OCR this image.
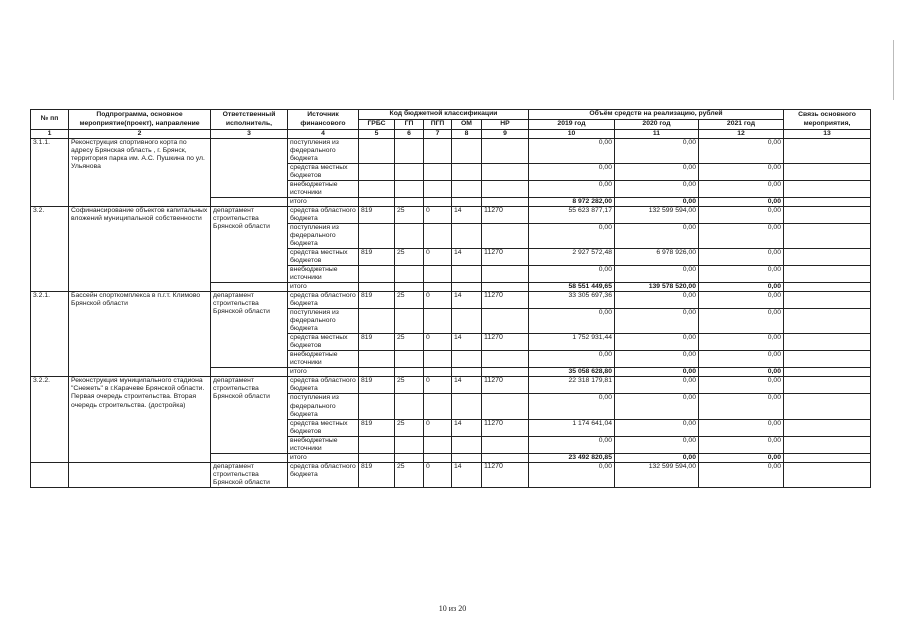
№ пп	Подпрограмма, основное мероприятие(проект), направление	Ответственный исполнитель,	Источник финансового	Код бюджетной классификации					Объём средств на реализацию, рублей			Связь основного мероприятия,
				ГРБС	ГП	ПГП	ОМ	НР	2019 год	2020 год	2021 год	
1	2	3	4	5	6	7	8	9	10	11	12	13
3.1.1.	Реконструкция спортивного корта по адресу Брянская область , г. Брянск, территория парка им. А.С. Пушкина по ул. Ульянова		поступления из федерального бюджета						0,00	0,00	0,00	
			средства местных бюджетов						0,00	0,00	0,00	
			внебюджетные источники						0,00	0,00	0,00	
			итого						8 972 282,00	0,00	0,00	
3.2.	Софинансирование объектов капитальных вложений муниципальной собственности	департамент строительства Брянской области	средства областного бюджета	819	25	0	14	11270	55 623 877,17	132 599 594,00	0,00	
			поступления из федерального бюджета						0,00	0,00	0,00	
			средства местных бюджетов	819	25	0	14	11270	2 927 572,48	6 978 926,00	0,00	
			внебюджетные источники						0,00	0,00	0,00	
			итого						58 551 449,65	139 578 520,00	0,00	
3.2.1.	Бассейн спорткомплекса в п.г.т. Климово Брянской области	департамент строительства Брянской области	средства областного бюджета	819	25	0	14	11270	33 305 697,36	0,00	0,00	
			поступления из федерального бюджета						0,00	0,00	0,00	
			средства местных бюджетов	819	25	0	14	11270	1 752 931,44	0,00	0,00	
			внебюджетные источники						0,00	0,00	0,00	
			итого						35 058 628,80	0,00	0,00	
3.2.2.	Реконструкция муниципального стадиона "Снежеть" в г.Карачеве Брянской области. Первая очередь строительства. Вторая очередь строительства. (достройка)	департамент строительства Брянской области	средства областного бюджета	819	25	0	14	11270	22 318 179,81	0,00	0,00	
			поступления из федерального бюджета						0,00	0,00	0,00	
			средства местных бюджетов	819	25	0	14	11270	1 174 641,04	0,00	0,00	
			внебюджетные источники						0,00	0,00	0,00	
			итого						23 492 820,85	0,00	0,00	
		департамент строительства Брянской области	средства областного бюджета	819	25	0	14	11270	0,00	132 599 594,00	0,00	
10 из 20
